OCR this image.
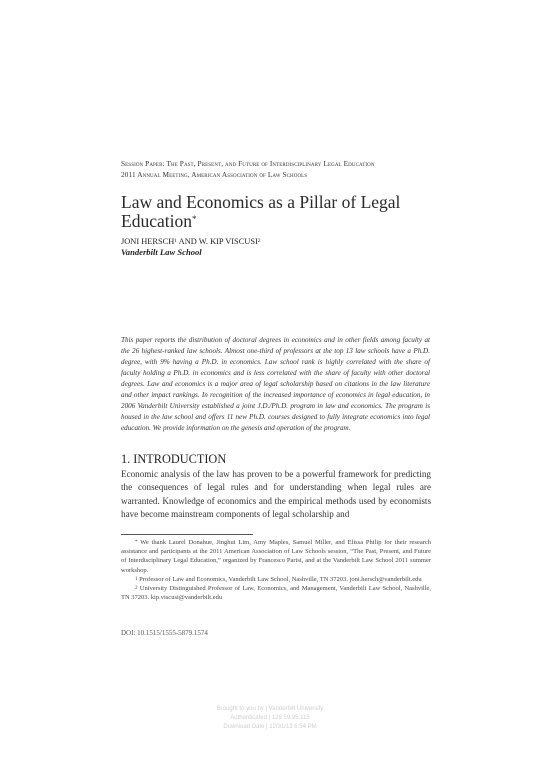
Session Paper: The Past, Present, and Future of Interdisciplinary Legal Education
2011 Annual Meeting, American Association of Law Schools
Law and Economics as a Pillar of Legal Education*
JONI HERSCH$^1$ AND W. KIP VISCUSI$^2$
Vanderbilt Law School

This paper reports the distribution of doctoral degrees in economics and in other fields among faculty at the 26 highest-ranked law schools. Almost one-third of professors at the top 13 law schools have a Ph.D. degree, with 9% having a Ph.D. in economics. Law school rank is highly correlated with the share of faculty holding a Ph.D. in economics and is less correlated with the share of faculty with other doctoral degrees. Law and economics is a major area of legal scholarship based on citations in the law literature and other impact rankings. In recognition of the increased importance of economics in legal education, in 2006 Vanderbilt University established a joint J.D./Ph.D. program in law and economics. The program is housed in the law school and offers 11 new Ph.D. courses designed to fully integrate economics into legal education. We provide information on the genesis and operation of the program.

1. INTRODUCTION

Economic analysis of the law has proven to be a powerful framework for predicting the consequences of legal rules and for understanding when legal rules are warranted. Knowledge of economics and the empirical methods used by economists have become mainstream components of legal scholarship and

* We thank Laurel Donahue, Jinghui Lim, Amy Maples, Samuel Miller, and Elissa Philip for their research assistance and participants at the 2011 American Association of Law Schools session, “The Past, Present, and Future of Interdisciplinary Legal Education,” organized by Francesco Parisi, and at the Vanderbilt Law School 2011 summer workshop.

$^1$ Professor of Law and Economics, Vanderbilt Law School, Nashville, TN 37203. joni.hersch@vanderbilt.edu

$^2$ University Distinguished Professor of Law, Economics, and Management, Vanderbilt Law School, Nashville, TN 37203. kip.viscusi@vanderbilt.edu

DOI: 10.1515/1555-5879.1574
Brought to you by | Vanderbilt University
Authenticated | 129.59.95.115
Download Date | 12/31/13 6:54 PM
